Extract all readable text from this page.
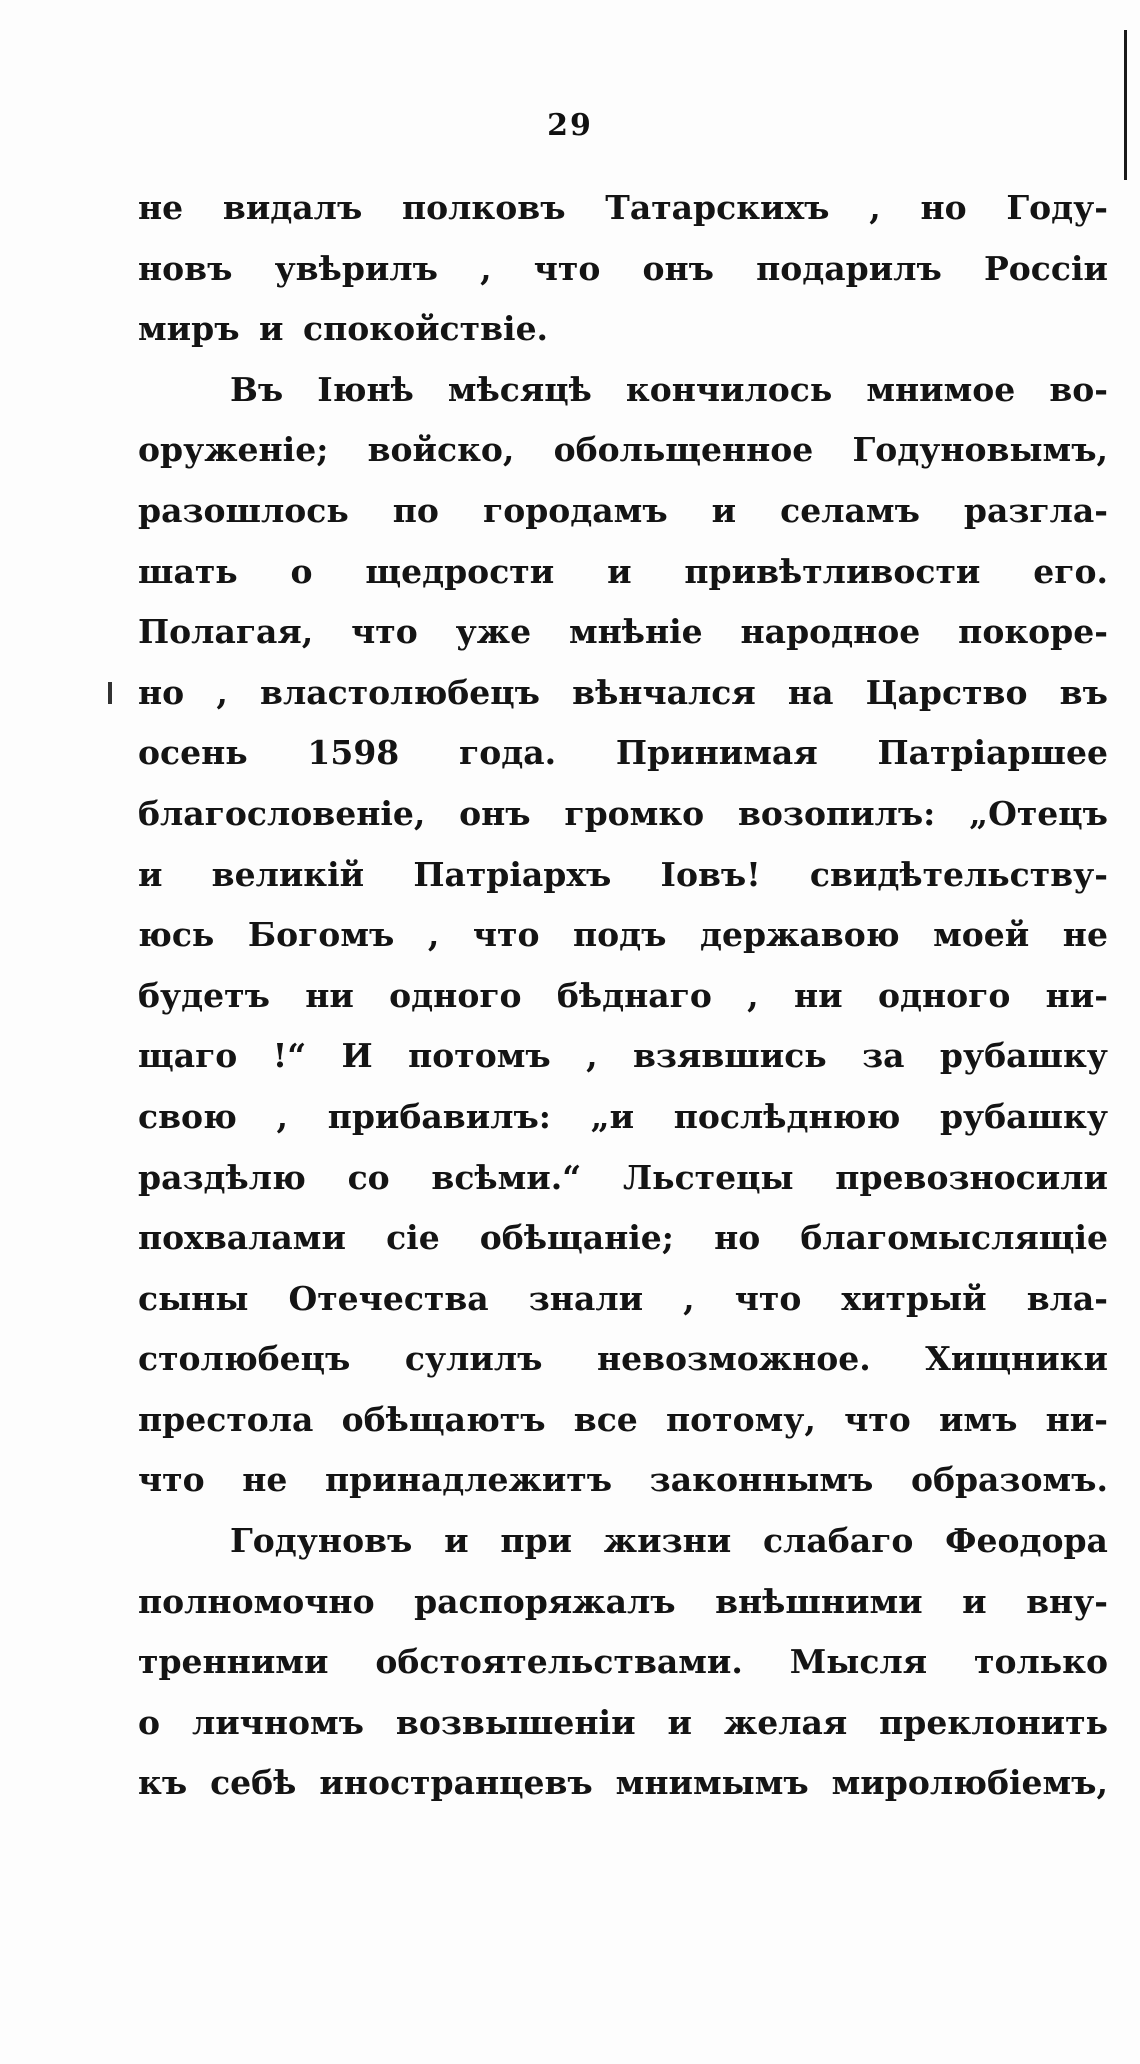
29
не видалъ полковъ Татарскихъ , но Году-
новъ увѣрилъ , что онъ подарилъ Россіи
миръ и спокойствіе.
Въ Іюнѣ мѣсяцѣ кончилось мнимое во-
оруженіе; войско, обольщенное Годуновымъ,
разошлось по городамъ и селамъ разгла-
шать о щедрости и привѣтливости его.
Полагая, что уже мнѣніе народное покоре-
но , властолюбецъ вѣнчался на Царство въ
осень 1598 года. Принимая Патріаршее
благословеніе, онъ громко возопилъ: „Отецъ
и великій Патріархъ Іовъ! свидѣтельству-
юсь Богомъ , что подъ державою моей не
будетъ ни одного бѣднаго , ни одного ни-
щаго !“ И потомъ , взявшись за рубашку
свою , прибавилъ: „и послѣднюю рубашку
раздѣлю со всѣми.“ Льстецы превозносили
похвалами сіе обѣщаніе; но благомыслящіе
сыны Отечества знали , что хитрый вла-
столюбецъ сулилъ невозможное. Хищники
престола обѣщаютъ все потому, что имъ ни-
что не принадлежитъ законнымъ образомъ.
Годуновъ и при жизни слабаго Феодора
полномочно распоряжалъ внѣшними и вну-
тренними обстоятельствами. Мысля только
о личномъ возвышеніи и желая преклонить
къ себѣ иностранцевъ мнимымъ миролюбіемъ,
